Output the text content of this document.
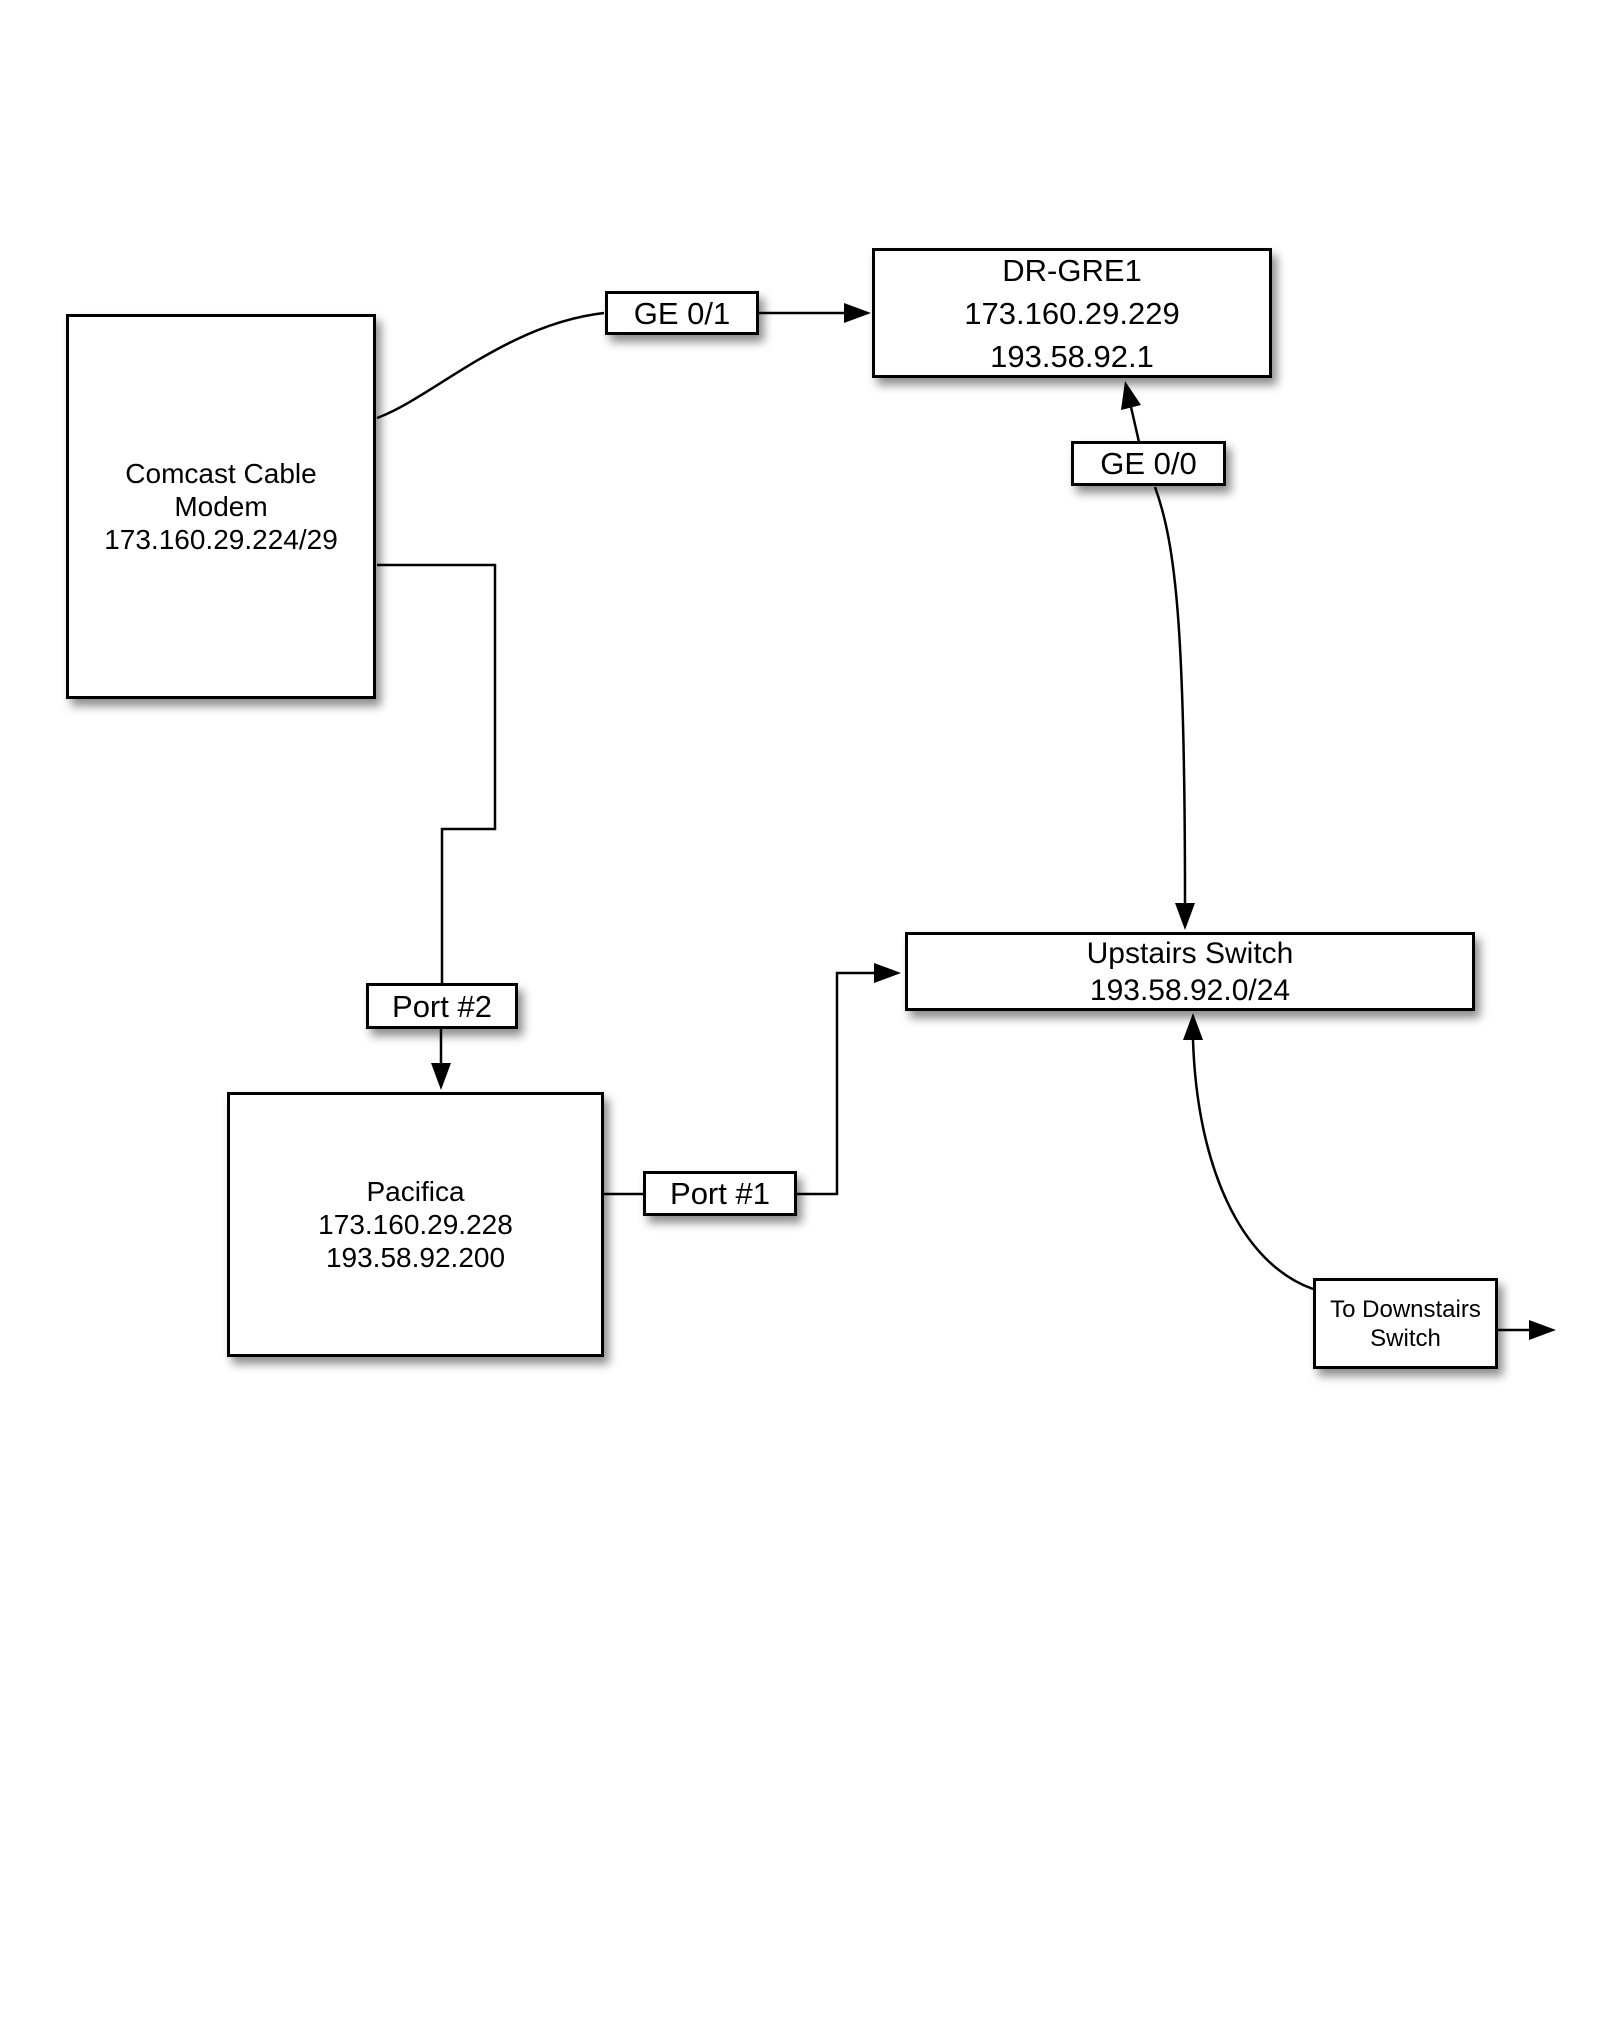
Comcast Cable
Modem
173.160.29.224/29
DR-GRE1
173.160.29.229
193.58.92.1
Upstairs Switch
193.58.92.0/24
Pacifica
173.160.29.228
193.58.92.200
To Downstairs
Switch
GE 0/1
GE 0/0
Port #2
Port #1
